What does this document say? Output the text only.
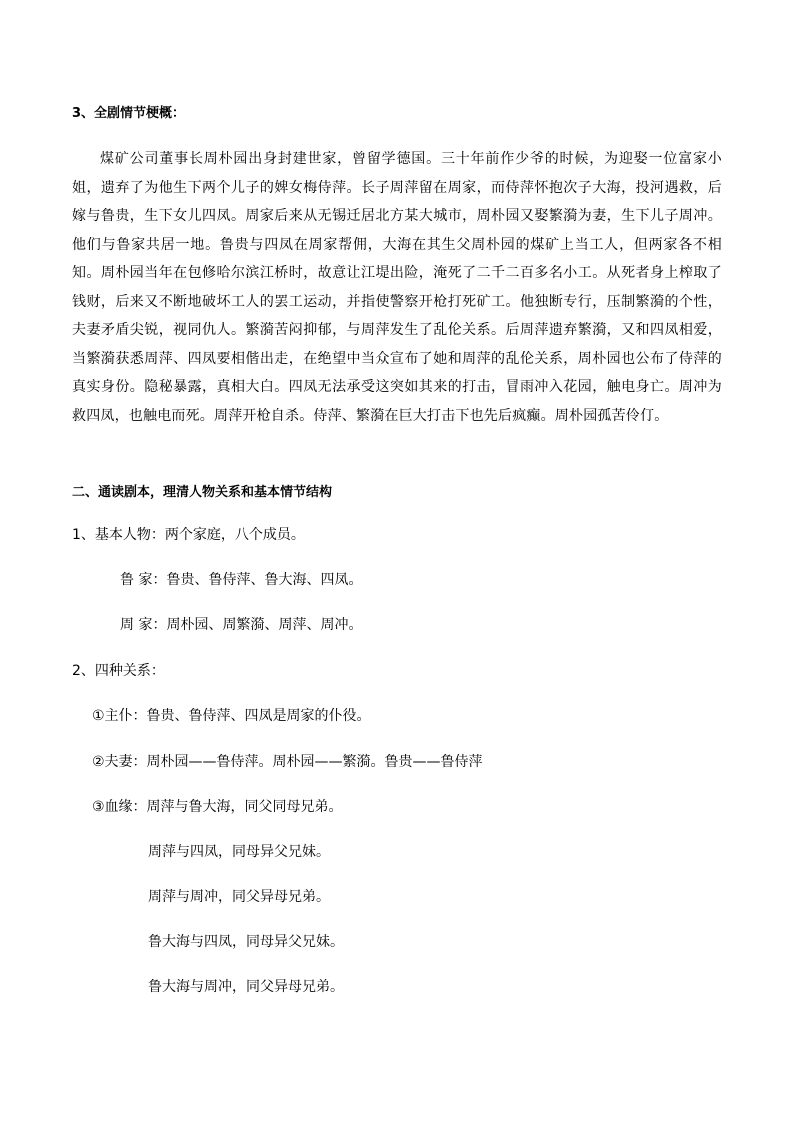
3、全剧情节梗概：
煤矿公司董事长周朴园出身封建世家，曾留学德国。三十年前作少爷的时候，为迎娶一位富家小姐，遗弃了为他生下两个儿子的婢女梅侍萍。长子周萍留在周家，而侍萍怀抱次子大海，投河遇救，后嫁与鲁贵，生下女儿四凤。周家后来从无锡迁居北方某大城市，周朴园又娶繁漪为妻，生下儿子周冲。他们与鲁家共居一地。鲁贵与四凤在周家帮佣，大海在其生父周朴园的煤矿上当工人，但两家各不相知。周朴园当年在包修哈尔滨江桥时，故意让江堤出险，淹死了二千二百多名小工。从死者身上榨取了钱财，后来又不断地破坏工人的罢工运动，并指使警察开枪打死矿工。他独断专行，压制繁漪的个性，夫妻矛盾尖锐，视同仇人。繁漪苦闷抑郁，与周萍发生了乱伦关系。后周萍遗弃繁漪，又和四凤相爱，当繁漪获悉周萍、四凤要相偕出走，在绝望中当众宣布了她和周萍的乱伦关系，周朴园也公布了侍萍的真实身份。隐秘暴露，真相大白。四凤无法承受这突如其来的打击，冒雨冲入花园，触电身亡。周冲为救四凤，也触电而死。周萍开枪自杀。侍萍、繁漪在巨大打击下也先后疯癫。周朴园孤苦伶仃。
二、通读剧本，理清人物关系和基本情节结构
1、基本人物：两个家庭，八个成员。
鲁 家：鲁贵、鲁侍萍、鲁大海、四凤。
周 家：周朴园、周繁漪、周萍、周冲。
2、四种关系：
①主仆：鲁贵、鲁侍萍、四凤是周家的仆役。
②夫妻：周朴园——鲁侍萍。周朴园——繁漪。鲁贵——鲁侍萍
③血缘：周萍与鲁大海，同父同母兄弟。
周萍与四凤，同母异父兄妹。
周萍与周冲，同父异母兄弟。
鲁大海与四凤，同母异父兄妹。
鲁大海与周冲，同父异母兄弟。
